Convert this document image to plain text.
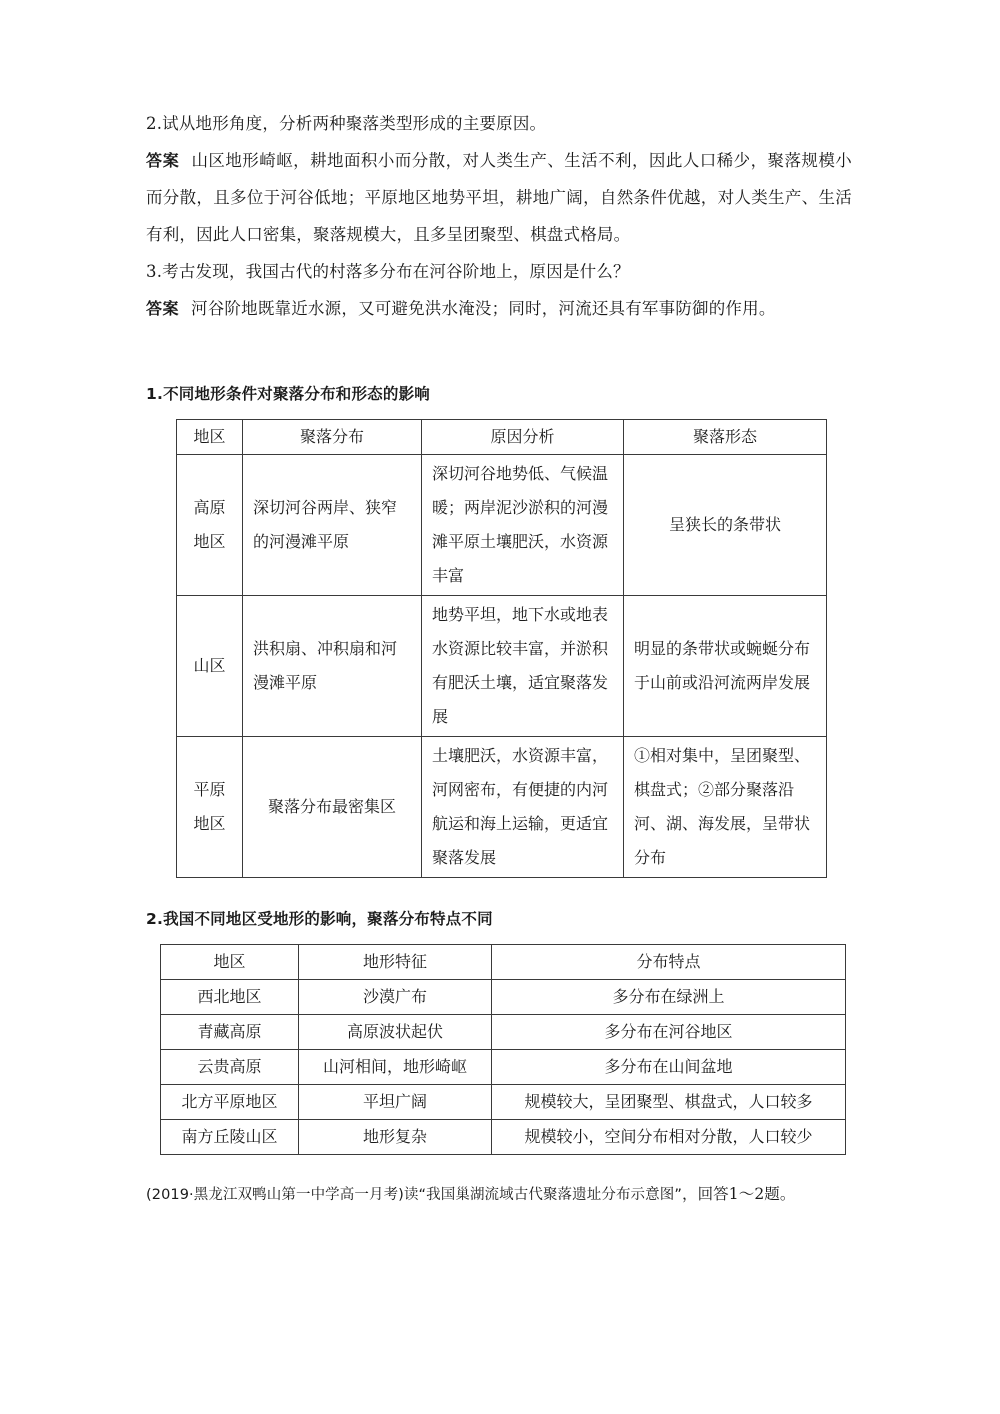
2.试从地形角度，分析两种聚落类型形成的主要原因。

答案 山区地形崎岖，耕地面积小而分散，对人类生产、生活不利，因此人口稀少，聚落规模小而分散，且多位于河谷低地；平原地区地势平坦，耕地广阔，自然条件优越，对人类生产、生活有利，因此人口密集，聚落规模大，且多呈团聚型、棋盘式格局。

3.考古发现，我国古代的村落多分布在河谷阶地上，原因是什么？

答案 河谷阶地既靠近水源，又可避免洪水淹没；同时，河流还具有军事防御的作用。

1.不同地形条件对聚落分布和形态的影响
地区	聚落分布	原因分析	聚落形态

高原
地区	深切河谷两岸、狭窄的河漫滩平原	深切河谷地势低、气候温暖；两岸泥沙淤积的河漫滩平原土壤肥沃，水资源丰富	呈狭长的条带状

山区	洪积扇、冲积扇和河漫滩平原	地势平坦，地下水或地表水资源比较丰富，并淤积有肥沃土壤，适宜聚落发展	明显的条带状或蜿蜒分布于山前或沿河流两岸发展

平原
地区	聚落分布最密集区	土壤肥沃，水资源丰富，河网密布，有便捷的内河航运和海上运输，更适宜聚落发展	①相对集中，呈团聚型、棋盘式；②部分聚落沿河、湖、海发展，呈带状分布
2.我国不同地区受地形的影响，聚落分布特点不同
地区	地形特征	分布特点
西北地区	沙漠广布	多分布在绿洲上
青藏高原	高原波状起伏	多分布在河谷地区
云贵高原	山河相间，地形崎岖	多分布在山间盆地
北方平原地区	平坦广阔	规模较大，呈团聚型、棋盘式，人口较多
南方丘陵山区	地形复杂	规模较小，空间分布相对分散，人口较少

(2019·黑龙江双鸭山第一中学高一月考)读“我国巢湖流域古代聚落遗址分布示意图”，回答1～2题。
